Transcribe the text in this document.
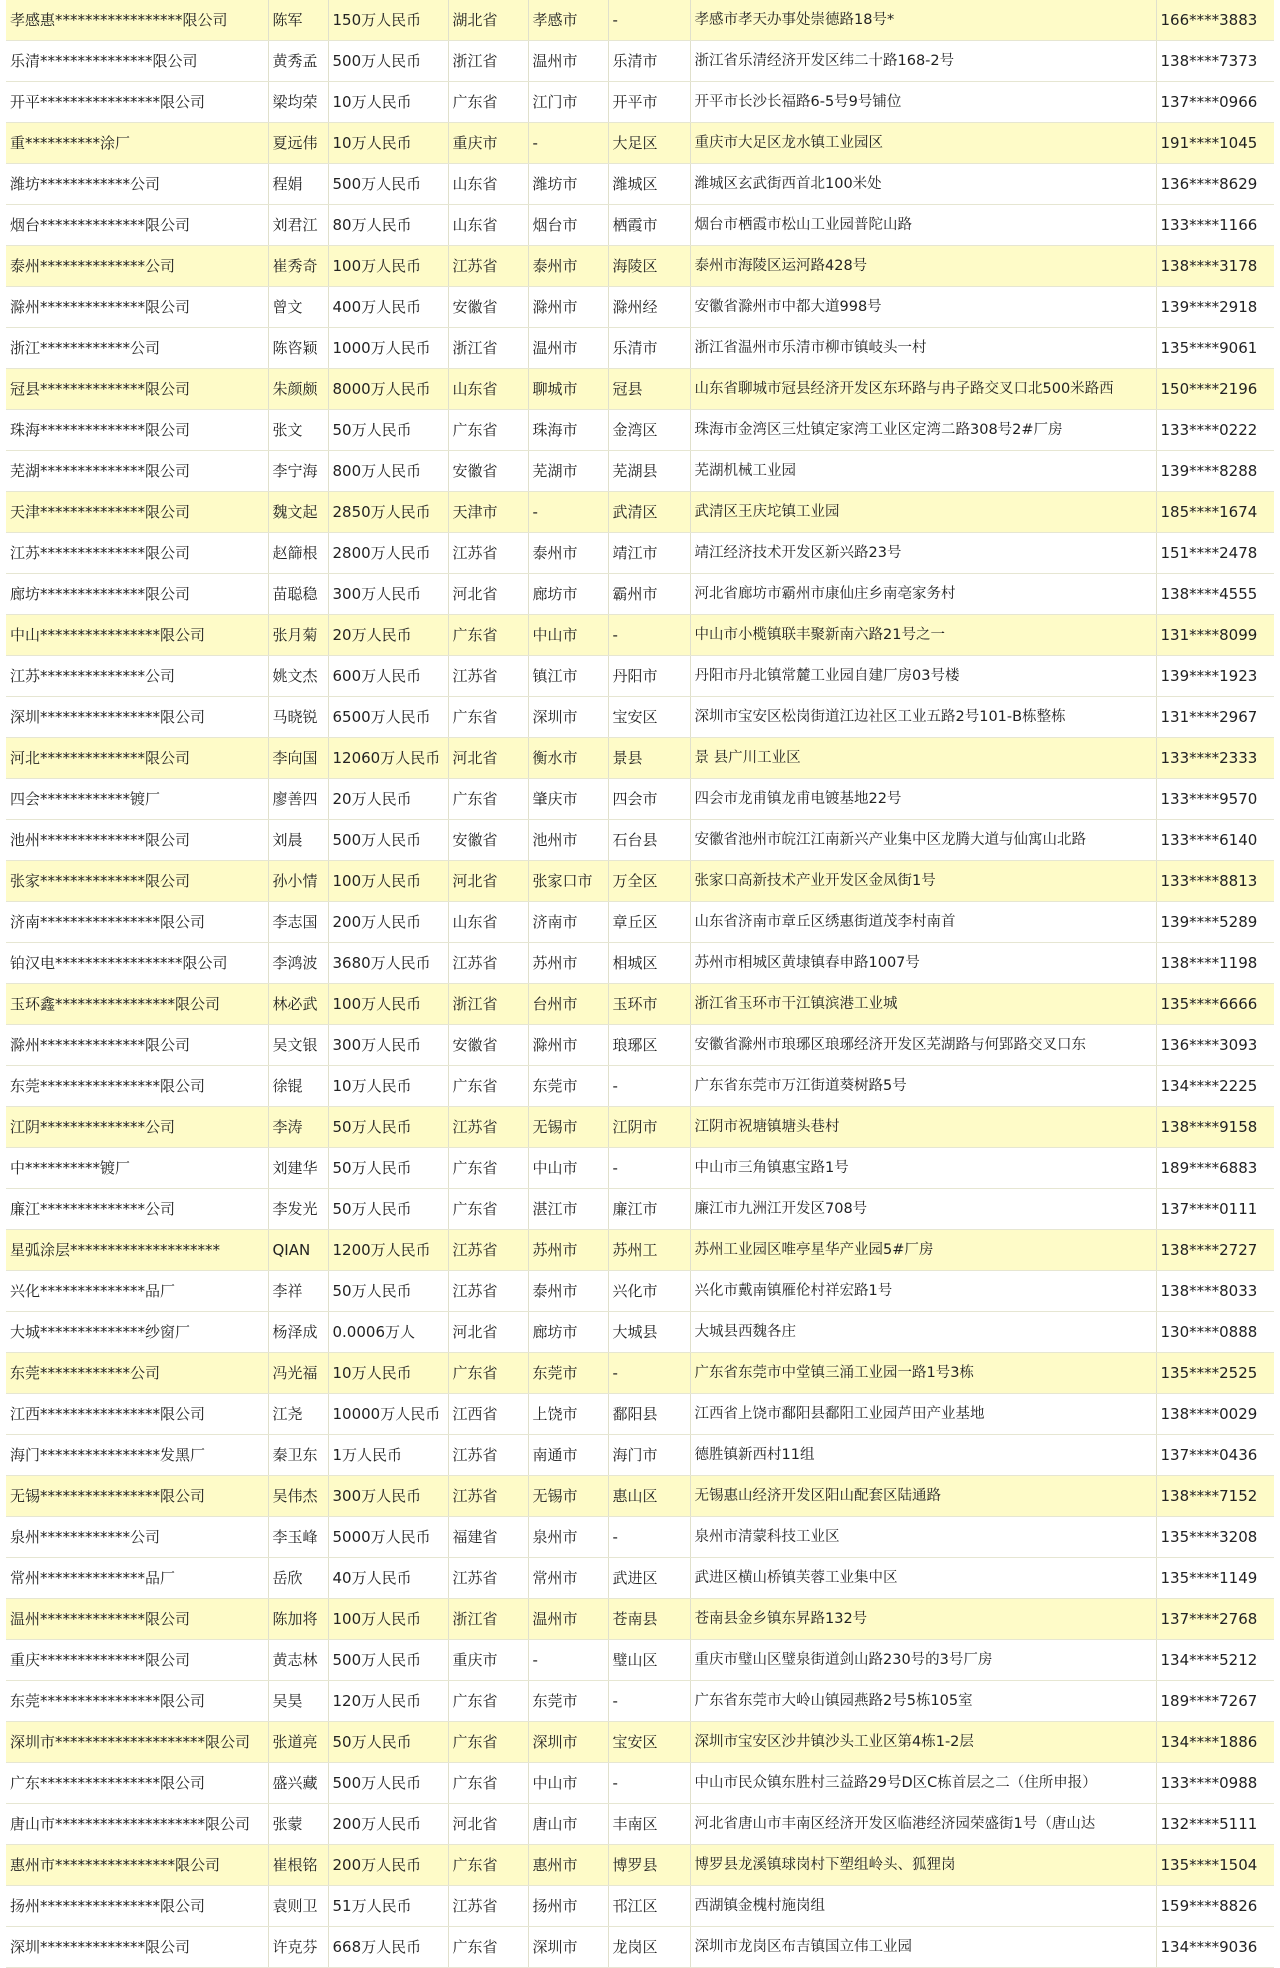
孝感惠*****************限公司	陈军	150万人民币	湖北省	孝感市	-	孝感市孝天办事处崇德路18号*	166****3883
乐清***************限公司	黄秀孟	500万人民币	浙江省	温州市	乐清市	浙江省乐清经济开发区纬二十路168-2号	138****7373
开平****************限公司	梁均荣	10万人民币	广东省	江门市	开平市	开平市长沙长福路6-5号9号铺位	137****0966
重**********涂厂	夏远伟	10万人民币	重庆市	-	大足区	重庆市大足区龙水镇工业园区	191****1045
潍坊************公司	程娟	500万人民币	山东省	潍坊市	潍城区	潍城区玄武街西首北100米处	136****8629
烟台**************限公司	刘君江	80万人民币	山东省	烟台市	栖霞市	烟台市栖霞市松山工业园普陀山路	133****1166
泰州**************公司	崔秀奇	100万人民币	江苏省	泰州市	海陵区	泰州市海陵区运河路428号	138****3178
滁州**************限公司	曾文	400万人民币	安徽省	滁州市	滁州经	安徽省滁州市中都大道998号	139****2918
浙江************公司	陈咨颖	1000万人民币	浙江省	温州市	乐清市	浙江省温州市乐清市柳市镇岐头一村	135****9061
冠县**************限公司	朱颜颇	8000万人民币	山东省	聊城市	冠县	山东省聊城市冠县经济开发区东环路与冉子路交叉口北500米路西	150****2196
珠海**************限公司	张文	50万人民币	广东省	珠海市	金湾区	珠海市金湾区三灶镇定家湾工业区定湾二路308号2#厂房	133****0222
芜湖**************限公司	李宁海	800万人民币	安徽省	芜湖市	芜湖县	芜湖机械工业园	139****8288
天津**************限公司	魏文起	2850万人民币	天津市	-	武清区	武清区王庆坨镇工业园	185****1674
江苏**************限公司	赵篩根	2800万人民币	江苏省	泰州市	靖江市	靖江经济技术开发区新兴路23号	151****2478
廊坊**************限公司	苗聪稳	300万人民币	河北省	廊坊市	霸州市	河北省廊坊市霸州市康仙庄乡南亳家务村	138****4555
中山****************限公司	张月菊	20万人民币	广东省	中山市	-	中山市小榄镇联丰聚新南六路21号之一	131****8099
江苏**************公司	姚文杰	600万人民币	江苏省	镇江市	丹阳市	丹阳市丹北镇常麓工业园自建厂房03号楼	139****1923
深圳****************限公司	马晓锐	6500万人民币	广东省	深圳市	宝安区	深圳市宝安区松岗街道江边社区工业五路2号101-B栋整栋	131****2967
河北**************限公司	李向国	12060万人民币	河北省	衡水市	景县	景 县广川工业区	133****2333
四会************镀厂	廖善四	20万人民币	广东省	肇庆市	四会市	四会市龙甫镇龙甫电镀基地22号	133****9570
池州**************限公司	刘晨	500万人民币	安徽省	池州市	石台县	安徽省池州市皖江江南新兴产业集中区龙腾大道与仙寓山北路	133****6140
张家**************限公司	孙小情	100万人民币	河北省	张家口市	万全区	张家口高新技术产业开发区金凤街1号	133****8813
济南****************限公司	李志国	200万人民币	山东省	济南市	章丘区	山东省济南市章丘区绣惠街道茂李村南首	139****5289
铂汉电*****************限公司	李鸿波	3680万人民币	江苏省	苏州市	相城区	苏州市相城区黄埭镇春申路1007号	138****1198
玉环鑫****************限公司	林必武	100万人民币	浙江省	台州市	玉环市	浙江省玉环市干江镇滨港工业城	135****6666
滁州**************限公司	吴文银	300万人民币	安徽省	滁州市	琅琊区	安徽省滁州市琅琊区琅琊经济开发区芜湖路与何郢路交叉口东	136****3093
东莞****************限公司	徐锟	10万人民币	广东省	东莞市	-	广东省东莞市万江街道葵树路5号	134****2225
江阴**************公司	李涛	50万人民币	江苏省	无锡市	江阴市	江阴市祝塘镇塘头巷村	138****9158
中**********镀厂	刘建华	50万人民币	广东省	中山市	-	中山市三角镇惠宝路1号	189****6883
廉江**************公司	李发光	50万人民币	广东省	湛江市	廉江市	廉江市九洲江开发区708号	137****0111
星弧涂层********************	QIAN	1200万人民币	江苏省	苏州市	苏州工	苏州工业园区唯亭星华产业园5#厂房	138****2727
兴化**************品厂	李祥	50万人民币	江苏省	泰州市	兴化市	兴化市戴南镇雁伦村祥宏路1号	138****8033
大城**************纱窗厂	杨泽成	0.0006万人	河北省	廊坊市	大城县	大城县西魏各庄	130****0888
东莞************公司	冯光福	10万人民币	广东省	东莞市	-	广东省东莞市中堂镇三涌工业园一路1号3栋	135****2525
江西****************限公司	江尧	10000万人民币	江西省	上饶市	鄱阳县	江西省上饶市鄱阳县鄱阳工业园芦田产业基地	138****0029
海门****************发黑厂	秦卫东	1万人民币	江苏省	南通市	海门市	德胜镇新西村11组	137****0436
无锡****************限公司	吴伟杰	300万人民币	江苏省	无锡市	惠山区	无锡惠山经济开发区阳山配套区陆通路	138****7152
泉州************公司	李玉峰	5000万人民币	福建省	泉州市	-	泉州市清蒙科技工业区	135****3208
常州**************品厂	岳欣	40万人民币	江苏省	常州市	武进区	武进区横山桥镇芙蓉工业集中区	135****1149
温州**************限公司	陈加将	100万人民币	浙江省	温州市	苍南县	苍南县金乡镇东昇路132号	137****2768
重庆**************限公司	黄志林	500万人民币	重庆市	-	璧山区	重庆市璧山区璧泉街道剑山路230号的3号厂房	134****5212
东莞****************限公司	吴昊	120万人民币	广东省	东莞市	-	广东省东莞市大岭山镇园燕路2号5栋105室	189****7267
深圳市********************限公司	张道亮	50万人民币	广东省	深圳市	宝安区	深圳市宝安区沙井镇沙头工业区第4栋1-2层	134****1886
广东****************限公司	盛兴藏	500万人民币	广东省	中山市	-	中山市民众镇东胜村三益路29号D区C栋首层之二（住所申报）	133****0988
唐山市********************限公司	张蒙	200万人民币	河北省	唐山市	丰南区	河北省唐山市丰南区经济开发区临港经济园荣盛街1号（唐山达	132****5111
惠州市****************限公司	崔根铭	200万人民币	广东省	惠州市	博罗县	博罗县龙溪镇球岗村下塑组岭头、狐狸岗	135****1504
扬州****************限公司	袁则卫	51万人民币	江苏省	扬州市	邗江区	西湖镇金槐村施岗组	159****8826
深圳**************限公司	许克芬	668万人民币	广东省	深圳市	龙岗区	深圳市龙岗区布吉镇国立伟工业园	134****9036
